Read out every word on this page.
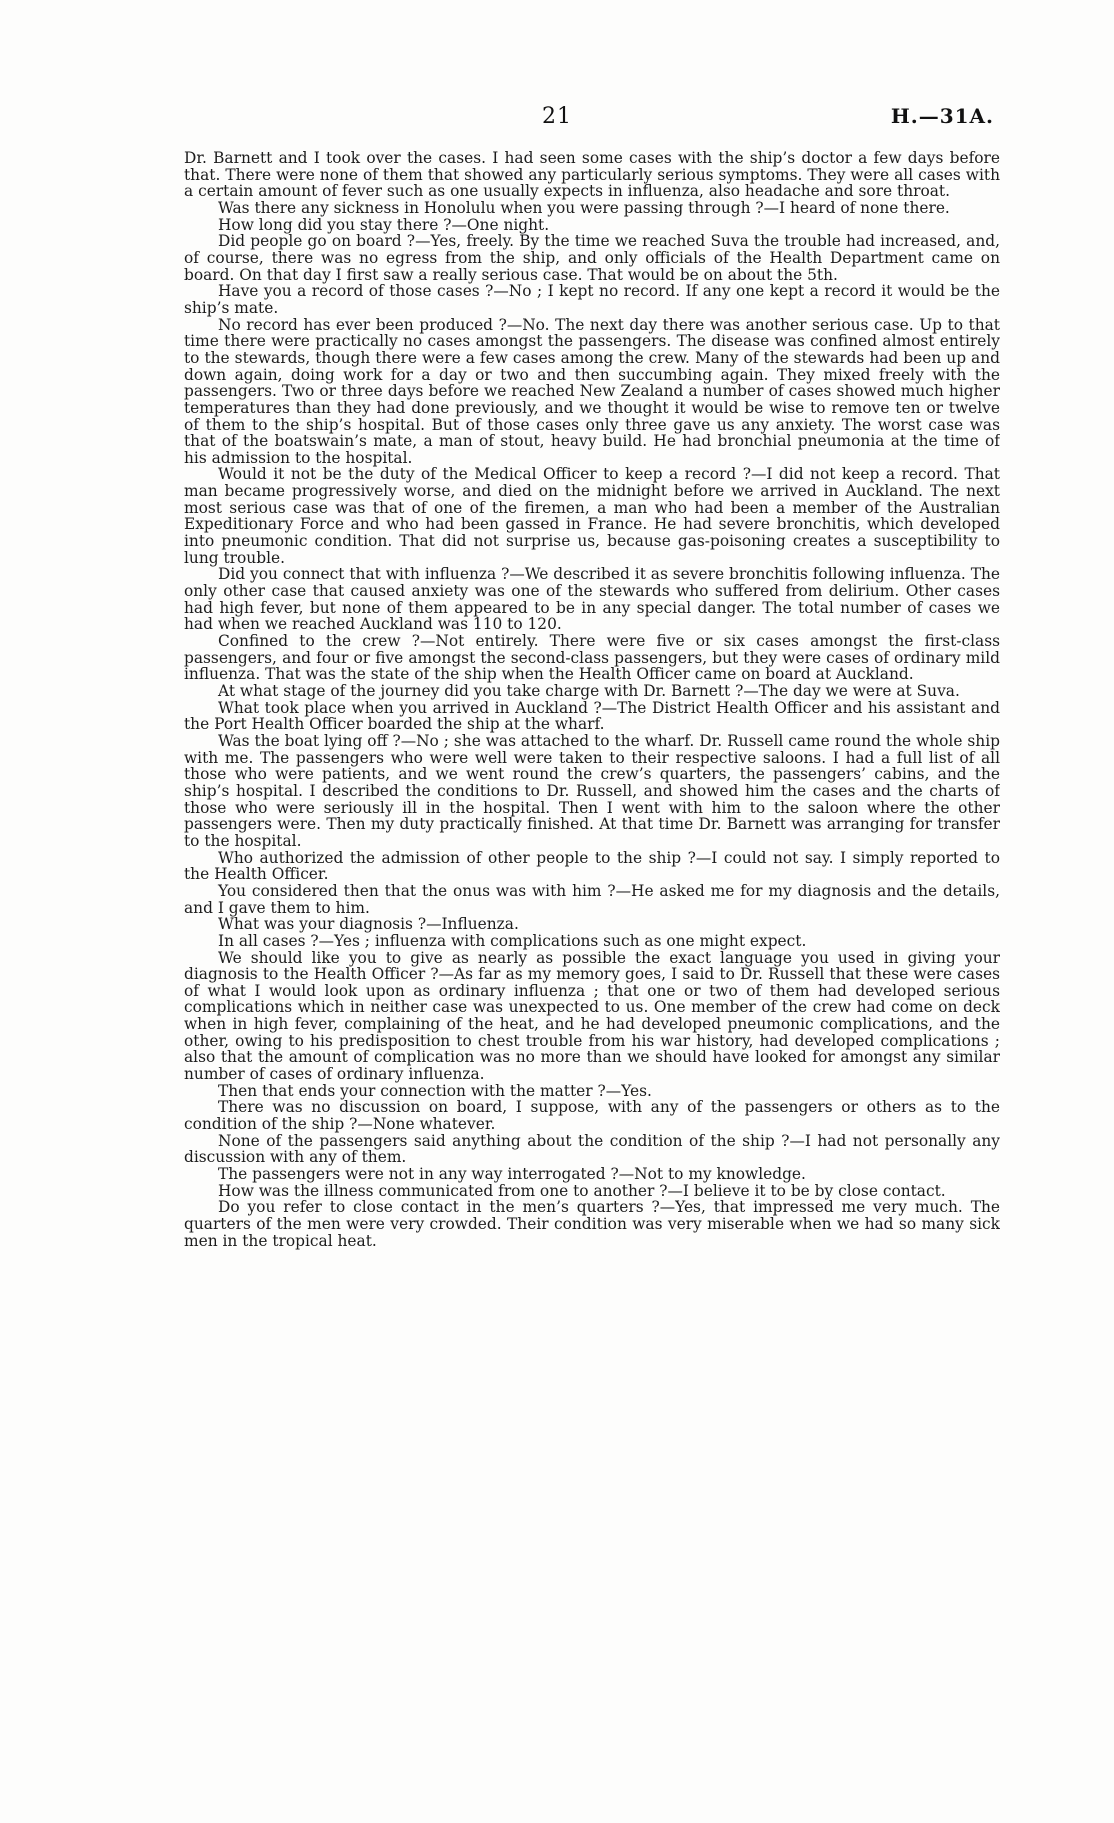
21	H.—31A.

Dr. Barnett and I took over the cases. I had seen some cases with the ship’s doctor a few days before that. There were none of them that showed any particularly serious symptoms. They were all cases with a certain amount of fever such as one usually expects in influenza, also headache and sore throat.

Was there any sickness in Honolulu when you were passing through ?—I heard of none there.

How long did you stay there ?—One night.

Did people go on board ?—Yes, freely. By the time we reached Suva the trouble had increased, and, of course, there was no egress from the ship, and only officials of the Health Department came on board. On that day I first saw a really serious case. That would be on about the 5th.

Have you a record of those cases ?—No ; I kept no record. If any one kept a record it would be the ship’s mate.

No record has ever been produced ?—No. The next day there was another serious case. Up to that time there were practically no cases amongst the passengers. The disease was confined almost entirely to the stewards, though there were a few cases among the crew. Many of the stewards had been up and down again, doing work for a day or two and then succumbing again. They mixed freely with the passengers. Two or three days before we reached New Zealand a number of cases showed much higher temperatures than they had done previously, and we thought it would be wise to remove ten or twelve of them to the ship’s hospital. But of those cases only three gave us any anxiety. The worst case was that of the boatswain’s mate, a man of stout, heavy build. He had bronchial pneumonia at the time of his admission to the hospital.

Would it not be the duty of the Medical Officer to keep a record ?—I did not keep a record. That man became progressively worse, and died on the midnight before we arrived in Auckland. The next most serious case was that of one of the firemen, a man who had been a member of the Australian Expeditionary Force and who had been gassed in France. He had severe bronchitis, which developed into pneumonic condition. That did not surprise us, because gas-poisoning creates a susceptibility to lung trouble.

Did you connect that with influenza ?—We described it as severe bronchitis following influenza. The only other case that caused anxiety was one of the stewards who suffered from delirium. Other cases had high fever, but none of them appeared to be in any special danger. The total number of cases we had when we reached Auckland was 110 to 120.

Confined to the crew ?—Not entirely. There were five or six cases amongst the first-class passengers, and four or five amongst the second-class passengers, but they were cases of ordinary mild influenza. That was the state of the ship when the Health Officer came on board at Auckland.

At what stage of the journey did you take charge with Dr. Barnett ?—The day we were at Suva.

What took place when you arrived in Auckland ?—The District Health Officer and his assistant and the Port Health Officer boarded the ship at the wharf.

Was the boat lying off ?—No ; she was attached to the wharf. Dr. Russell came round the whole ship with me. The passengers who were well were taken to their respective saloons. I had a full list of all those who were patients, and we went round the crew’s quarters, the passengers’ cabins, and the ship’s hospital. I described the conditions to Dr. Russell, and showed him the cases and the charts of those who were seriously ill in the hospital. Then I went with him to the saloon where the other passengers were. Then my duty practically finished. At that time Dr. Barnett was arranging for transfer to the hospital.

Who authorized the admission of other people to the ship ?—I could not say. I simply reported to the Health Officer.

You considered then that the onus was with him ?—He asked me for my diagnosis and the details, and I gave them to him.

What was your diagnosis ?—Influenza.

In all cases ?—Yes ; influenza with complications such as one might expect.

We should like you to give as nearly as possible the exact language you used in giving your diagnosis to the Health Officer ?—As far as my memory goes, I said to Dr. Russell that these were cases of what I would look upon as ordinary influenza ; that one or two of them had developed serious complications which in neither case was unexpected to us. One member of the crew had come on deck when in high fever, complaining of the heat, and he had developed pneumonic complications, and the other, owing to his predisposition to chest trouble from his war history, had developed complications ; also that the amount of complication was no more than we should have looked for amongst any similar number of cases of ordinary influenza.

Then that ends your connection with the matter ?—Yes.

There was no discussion on board, I suppose, with any of the passengers or others as to the condition of the ship ?—None whatever.

None of the passengers said anything about the condition of the ship ?—I had not personally any discussion with any of them.

The passengers were not in any way interrogated ?—Not to my knowledge.

How was the illness communicated from one to another ?—I believe it to be by close contact.

Do you refer to close contact in the men’s quarters ?—Yes, that impressed me very much. The quarters of the men were very crowded. Their condition was very miserable when we had so many sick men in the tropical heat.
